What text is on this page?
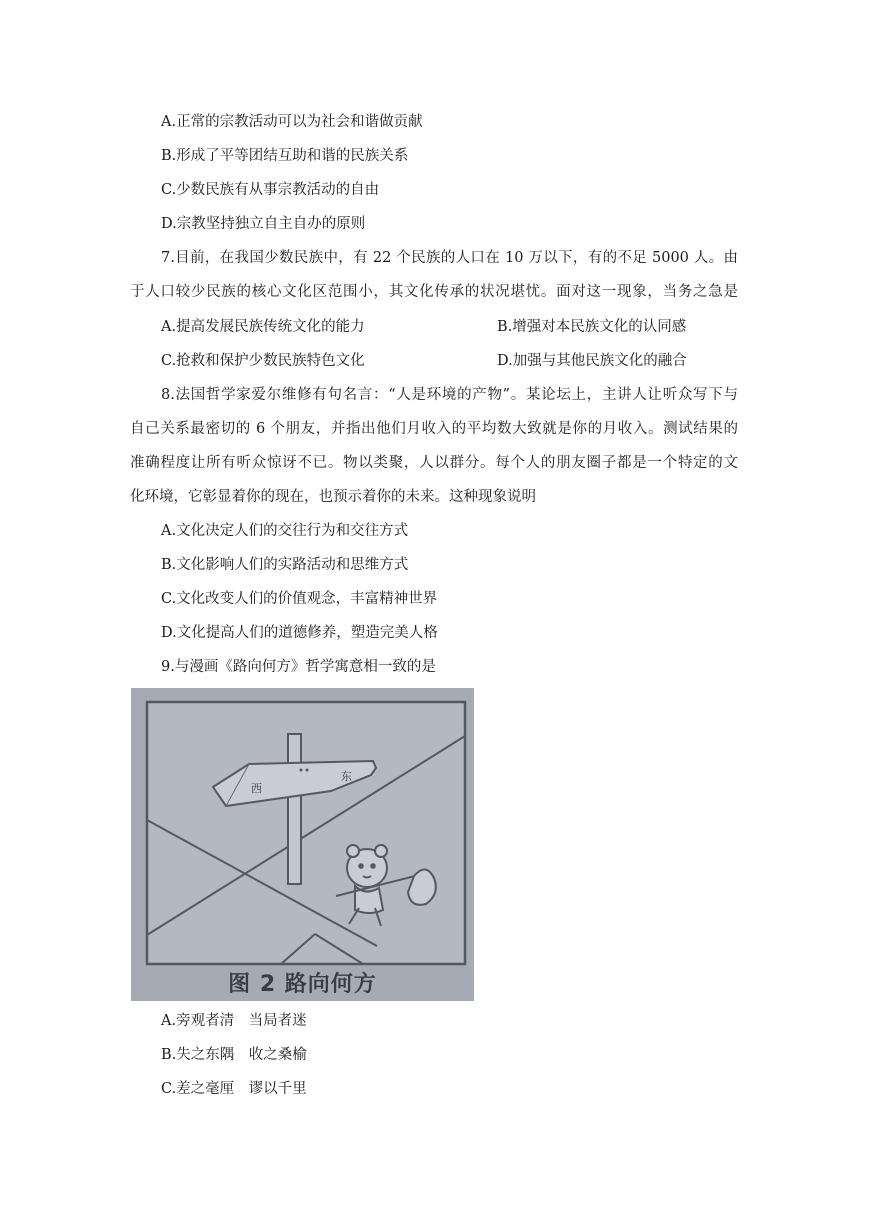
A.正常的宗教活动可以为社会和谐做贡献
B.形成了平等团结互助和谐的民族关系
C.少数民族有从事宗教活动的自由
D.宗教坚持独立自主自办的原则
7.目前，在我国少数民族中，有 22 个民族的人口在 10 万以下，有的不足 5000 人。由
于人口较少民族的核心文化区范围小，其文化传承的状况堪忧。面对这一现象，当务之急是
A.提高发展民族传统文化的能力	B.增强对本民族文化的认同感
C.抢救和保护少数民族特色文化	D.加强与其他民族文化的融合
8.法国哲学家爱尔维修有句名言：“人是环境的产物”。某论坛上，主讲人让听众写下与
自己关系最密切的 6 个朋友，并指出他们月收入的平均数大致就是你的月收入。测试结果的
准确程度让所有听众惊讶不已。物以类聚，人以群分。每个人的朋友圈子都是一个特定的文
化环境，它彰显着你的现在，也预示着你的未来。这种现象说明
A.文化决定人们的交往行为和交往方式
B.文化影响人们的实路活动和思维方式
C.文化改变人们的价值观念，丰富精神世界
D.文化提高人们的道德修养，塑造完美人格
9.与漫画《路向何方》哲学寓意相一致的是
西
东
图 2 路向何方
A.旁观者清　当局者迷
B.失之东隅　收之桑榆
C.差之毫厘　谬以千里
